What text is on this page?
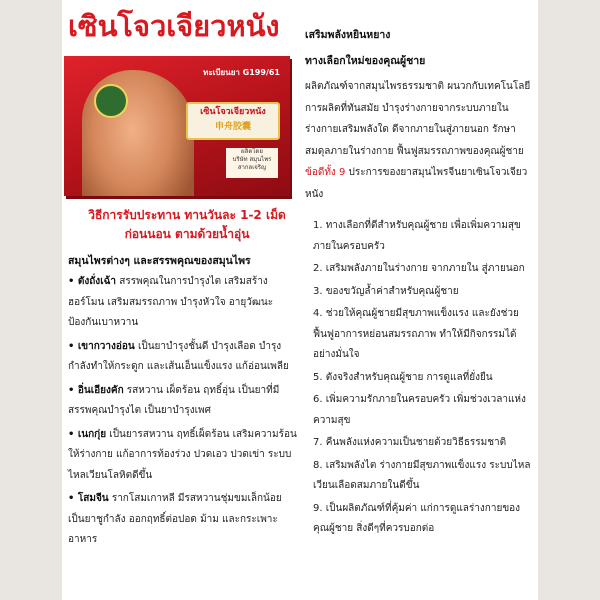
เซินโจวเจียวหนัง
ทะเบียนยา G199/61
เซินโจวเจียวหนัง
申舟胶囊
ผลิตโดย
บริษัท สมุนไพรสากลเจริญ
วิธีการรับประทาน ทานวันละ 1-2 เม็ด
ก่อนนอน ตามด้วยน้ำอุ่น
สมุนไพรต่างๆ และสรรพคุณของสมุนไพร
• ตังถั่งเฉ้า สรรพคุณในการบำรุงไต เสริมสร้างฮอร์โมน เสริมสมรรถภาพ บำรุงหัวใจ อายุวัฒนะ ป้องกันเบาหวาน
• เขากวางอ่อน เป็นยาบำรุงชั้นดี บำรุงเลือด บำรุงกำลังทำให้กระดูก และเส้นเอ็นแข็งแรง แก้อ่อนเพลีย
• อิ่นเอียงคัก รสหวาน เผ็ดร้อน ฤทธิ์อุ่น เป็นยาที่มีสรรพคุณบำรุงไต เป็นยาบำรุงเพศ
• เนกกุ่ย เป็นยารสหวาน ฤทธิ์เผ็ดร้อน เสริมความร้อนให้ร่างกาย แก้อาการท้องร่วง ปวดเอว ปวดเข่า ระบบไหลเวียนโลหิตดีขึ้น
• โสมจีน รากโสมเกาหลี มีรสหวานชุ่มขมเล็กน้อย เป็นยาชูกำลัง ออกฤทธิ์ต่อปอด ม้าม และกระเพาะอาหาร
เสริมพลังหยินหยาง
ทางเลือกใหม่ของคุณผู้ชาย
ผลิตภัณฑ์จากสมุนไพรธรรมชาติ ผนวกกับเทคโนโลยีการผลิตที่ทันสมัย บำรุงร่างกายจากระบบภายในร่างกายเสริมพลังใด ดีจากภายในสู่ภายนอก รักษาสมดุลภายในร่างกาย ฟื้นฟูสมรรถภาพของคุณผู้ชาย ข้อดีทั้ง 9 ประการของยาสมุนไพรจีนยาเซินโจวเจียวหนัง
1. ทางเลือกที่ดีสำหรับคุณผู้ชาย เพื่อเพิ่มความสุขภายในครอบครัว
2. เสริมพลังภายในร่างกาย จากภายใน สู่ภายนอก
3. ของขวัญล้ำค่าสำหรับคุณผู้ชาย
4. ช่วยให้คุณผู้ชายมีสุขภาพแข็งแรง และยังช่วยฟื้นฟูอาการหย่อนสมรรถภาพ ทำให้มีกิจกรรมได้อย่างมั่นใจ
5. ตังจริงสำหรับคุณผู้ชาย การดูแลที่ยั่งยืน
6. เพิ่มความรักภายในครอบครัว เพิ่มช่วงเวลาแห่งความสุข
7. คืนพลังแห่งความเป็นชายด้วยวิธีธรรมชาติ
8. เสริมพลังไต ร่างกายมีสุขภาพแข็งแรง ระบบไหลเวียนเลือดสมภายในดีขึ้น
9. เป็นผลิตภัณฑ์ที่คุ้มค่า แก่การดูแลร่างกายของคุณผู้ชาย สิ่งดีๆที่ควรบอกต่อ
